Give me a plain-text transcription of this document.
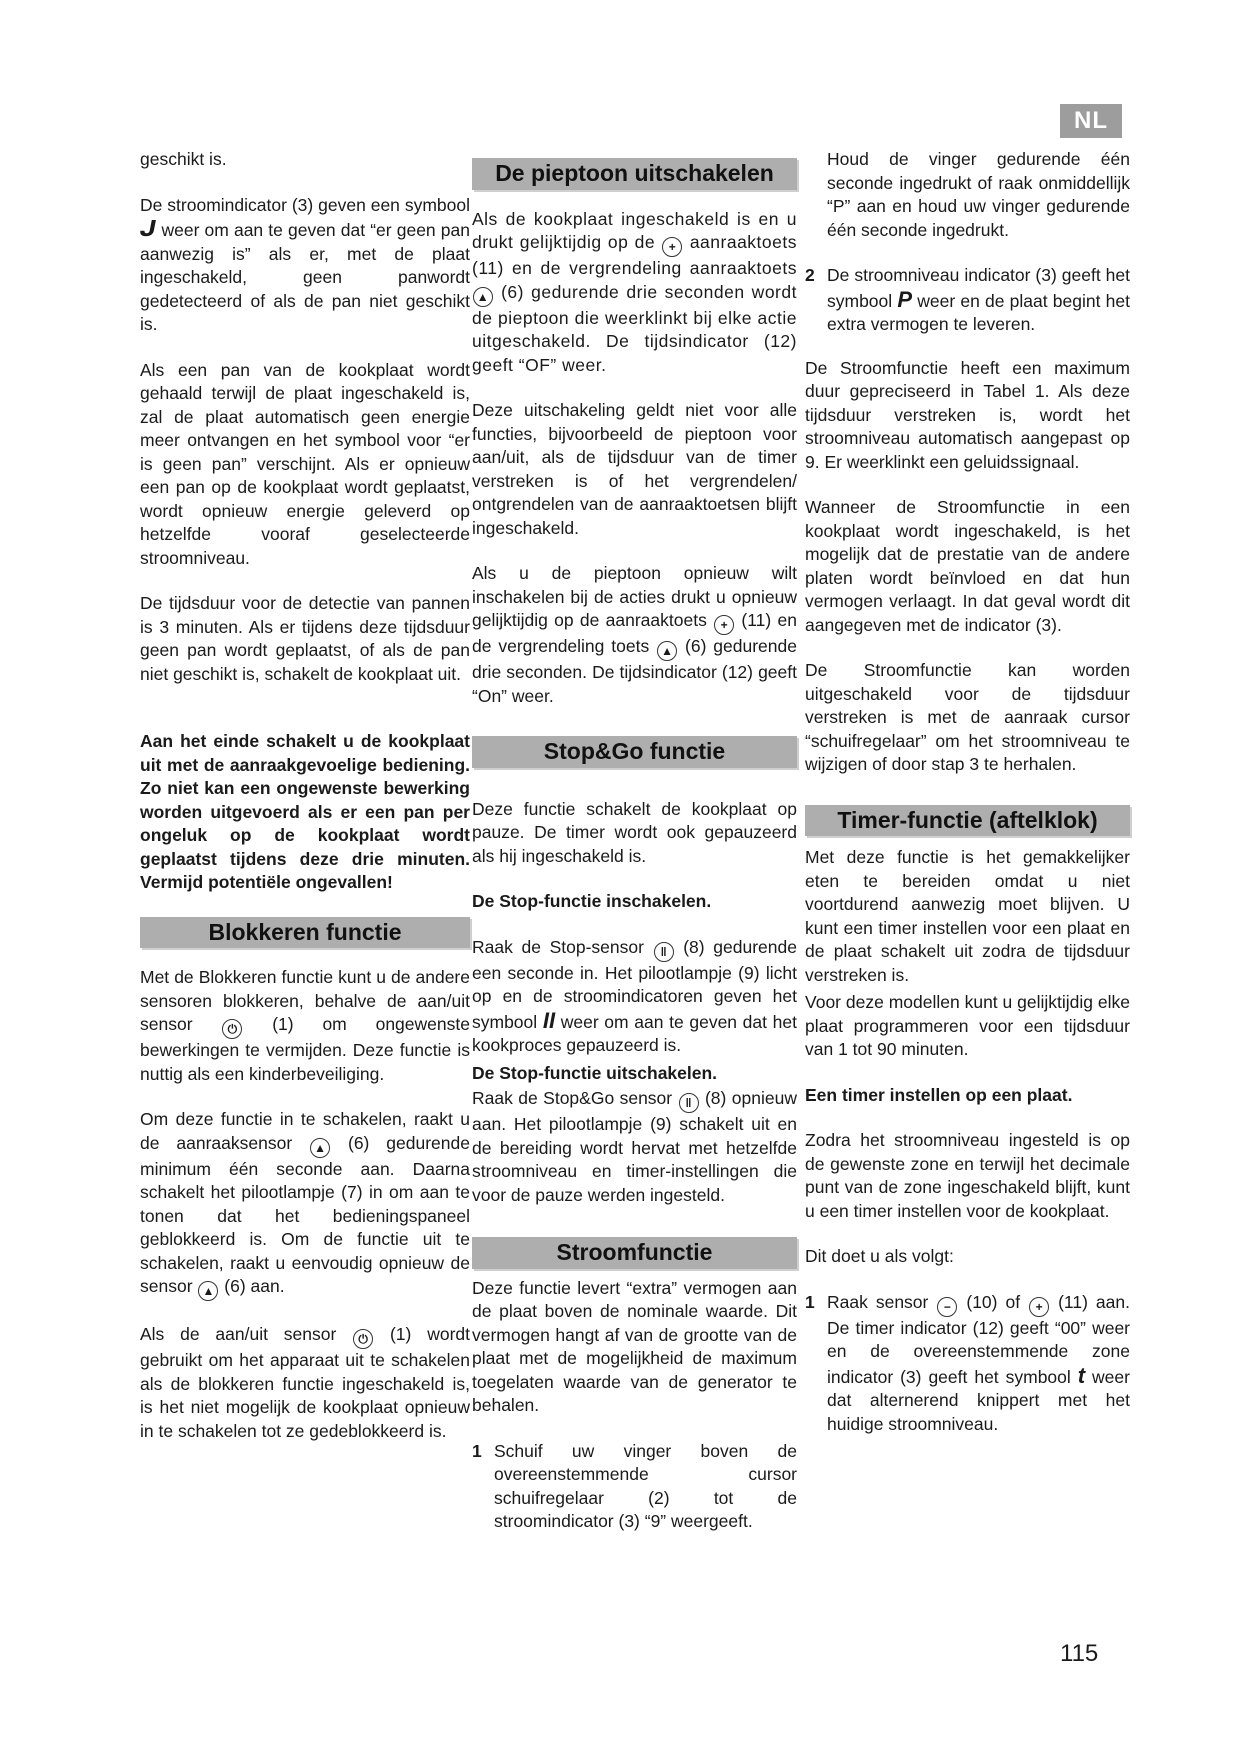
NL

geschikt is.

De stroomindicator (3) geven een symbool ᒍ weer om aan te geven dat “er geen pan aanwezig is” als er, met de plaat ingeschakeld, geen panwordt gedetecteerd of als de pan niet geschikt is.

Als een pan van de kookplaat wordt gehaald terwijl de plaat ingeschakeld is, zal de plaat automatisch geen energie meer ontvangen en het symbool voor “er is geen pan” verschijnt. Als er opnieuw een pan op de kookplaat wordt geplaatst, wordt opnieuw energie geleverd op hetzelfde vooraf geselecteerde stroomniveau.

De tijdsduur voor de detectie van pannen is 3 minuten. Als er tijdens deze tijdsduur geen pan wordt geplaatst, of als de pan niet geschikt is, schakelt de kookplaat uit.

Aan het einde schakelt u de kookplaat uit met de aanraakgevoelige bediening. Zo niet kan een ongewenste bewerking worden uitgevoerd als er een pan per ongeluk op de kookplaat wordt geplaatst tijdens deze drie minuten. Vermijd potentiële ongevallen!

Blokkeren functie

Met de Blokkeren functie kunt u de andere sensoren blokkeren, behalve de aan/uit sensor	⏻ (1) om ongewenste bewerkingen te vermijden. Deze functie is nuttig als een kinderbeveiliging.

Om deze functie in te schakelen, raakt u de aanraaksensor ▲ (6) gedurende minimum één seconde aan. Daarna schakelt het pilootlampje (7) in om aan te tonen dat het bedieningspaneel geblokkeerd is. Om de functie uit te schakelen, raakt u eenvoudig opnieuw de sensor ▲ (6) aan.

Als de aan/uit sensor ⏻ (1) wordt gebruikt om het apparaat uit te schakelen als de blokkeren functie ingeschakeld is, is het niet mogelijk de kookplaat opnieuw in te schakelen tot ze gedeblokkeerd is.

De pieptoon uitschakelen

Als de kookplaat ingeschakeld is en u drukt gelijktijdig op de + aanraaktoets (11) en de vergrendeling aanraaktoets ▲ (6) gedurende drie seconden wordt de pieptoon die weerklinkt bij elke actie uitgeschakeld. De tijdsindicator (12) geeft “OF” weer.

Deze uitschakeling geldt niet voor alle functies, bijvoorbeeld de pieptoon voor aan/uit, als de tijdsduur van de timer verstreken is of het vergrendelen/ ontgrendelen van de aanraaktoetsen blijft ingeschakeld.

Als u de pieptoon opnieuw wilt inschakelen bij de acties drukt u opnieuw gelijktijdig op de aanraaktoets + (11) en de vergrendeling toets ▲ (6) gedurende drie seconden. De tijdsindicator (12) geeft “On” weer.

Stop&Go functie

Deze functie schakelt de kookplaat op pauze. De timer wordt ook gepauzeerd als hij ingeschakeld is.

De Stop-functie inschakelen.

Raak de Stop-sensor ‖ (8) gedurende een seconde in. Het pilootlampje (9) licht op en de stroomindicatoren geven het symbool II weer om aan te geven dat het kookproces gepauzeerd is.

De Stop-functie uitschakelen.

Raak de Stop&Go sensor ‖ (8) opnieuw aan. Het pilootlampje (9) schakelt uit en de bereiding wordt hervat met hetzelfde stroomniveau en timer-instellingen die voor de pauze werden ingesteld.

Stroomfunctie

Deze functie levert “extra” vermogen aan de plaat boven de nominale waarde. Dit vermogen hangt af van de grootte van de plaat met de mogelijkheid de maximum toegelaten waarde van de generator te behalen.

1 Schuif uw vinger boven de overeenstemmende cursor schuifregelaar (2) tot de stroomindicator (3) “9” weergeeft.

Houd de vinger gedurende één seconde ingedrukt of raak onmiddellijk “P” aan en houd uw vinger gedurende één seconde ingedrukt.

2 De stroomniveau indicator (3) geeft het symbool P weer en de plaat begint het extra vermogen te leveren.

De Stroomfunctie heeft een maximum duur gepreciseerd in Tabel 1. Als deze tijdsduur verstreken is, wordt het stroomniveau automatisch aangepast op 9. Er weerklinkt een geluidssignaal.

Wanneer de Stroomfunctie in een kookplaat wordt ingeschakeld, is het mogelijk dat de prestatie van de andere platen wordt beïnvloed en dat hun vermogen verlaagt. In dat geval wordt dit aangegeven met de indicator (3).

De Stroomfunctie kan worden uitgeschakeld voor de tijdsduur verstreken is met de aanraak cursor “schuifregelaar” om het stroomniveau te wijzigen of door stap 3 te herhalen.

Timer-functie (aftelklok)

Met deze functie is het gemakkelijker eten te bereiden omdat u niet voortdurend aanwezig moet blijven. U kunt een timer instellen voor een plaat en de plaat schakelt uit zodra de tijdsduur verstreken is.

Voor deze modellen kunt u gelijktijdig elke plaat programmeren voor een tijdsduur van 1 tot 90 minuten.

Een timer instellen op een plaat.

Zodra het stroomniveau ingesteld is op de gewenste zone en terwijl het decimale punt van de zone ingeschakeld blijft, kunt u een timer instellen voor de kookplaat.

Dit doet u als volgt:

1 Raak sensor − (10) of + (11) aan. De timer indicator (12) geeft “00” weer en de overeenstemmende zone indicator (3) geeft het symbool t weer dat alternerend knippert met het huidige stroomniveau.
115
